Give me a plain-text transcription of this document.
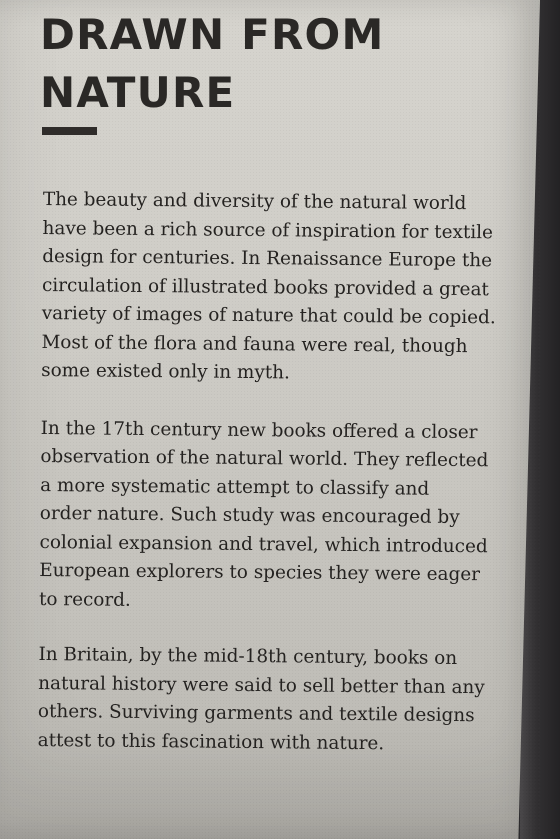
DRAWN FROM
NATURE

The beauty and diversity of the natural world
have been a rich source of inspiration for textile
design for centuries. In Renaissance Europe the
circulation of illustrated books provided a great
variety of images of nature that could be copied.
Most of the flora and fauna were real, though
some existed only in myth.

In the 17th century new books offered a closer
observation of the natural world. They reflected
a more systematic attempt to classify and
order nature. Such study was encouraged by
colonial expansion and travel, which introduced
European explorers to species they were eager
to record.

In Britain, by the mid-18th century, books on
natural history were said to sell better than any
others. Surviving garments and textile designs
attest to this fascination with nature.
